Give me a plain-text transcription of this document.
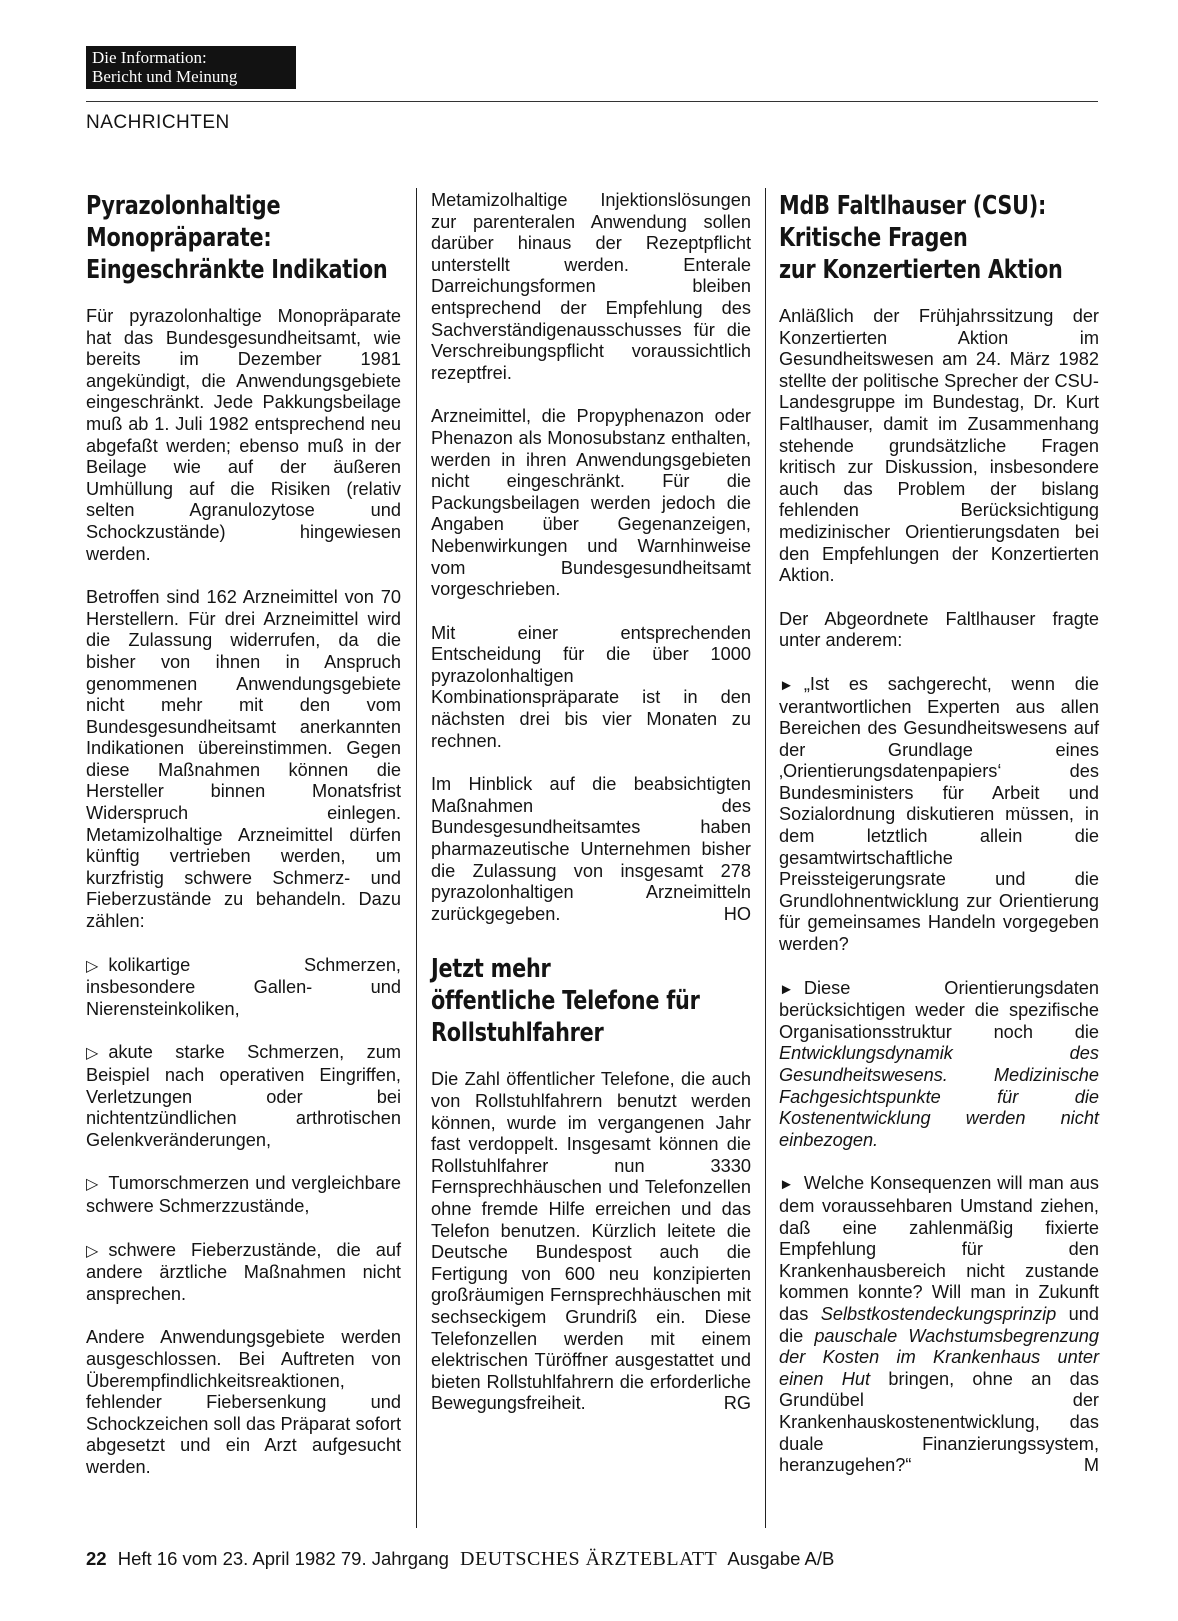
Die Information:
Bericht und Meinung
NACHRICHTEN
Pyrazolonhaltige
Monopräparate:
Eingeschränkte Indikation

Für pyrazolonhaltige Monopräparate hat das Bundesgesundheitsamt, wie bereits im Dezember 1981 angekündigt, die Anwendungsgebiete eingeschränkt. Jede Pakkungsbeilage muß ab 1. Juli 1982 entsprechend neu abgefaßt werden; ebenso muß in der Beilage wie auf der äußeren Umhüllung auf die Risiken (relativ selten Agranulozytose und Schockzustände) hingewiesen werden.

Betroffen sind 162 Arzneimittel von 70 Herstellern. Für drei Arzneimittel wird die Zulassung widerrufen, da die bisher von ihnen in Anspruch genommenen Anwendungsgebiete nicht mehr mit den vom Bundesgesundheitsamt anerkannten Indikationen übereinstimmen. Gegen diese Maßnahmen können die Hersteller binnen Monatsfrist Widerspruch einlegen. Metamizolhaltige Arzneimittel dürfen künftig vertrieben werden, um kurzfristig schwere Schmerz- und Fieberzustände zu behandeln. Dazu zählen:

▷ kolikartige Schmerzen, insbesondere Gallen- und Nierensteinkoliken,

▷ akute starke Schmerzen, zum Beispiel nach operativen Eingriffen, Verletzungen oder bei nichtentzündlichen arthrotischen Gelenkveränderungen,

▷ Tumorschmerzen und vergleichbare schwere Schmerzzustände,

▷ schwere Fieberzustände, die auf andere ärztliche Maßnahmen nicht ansprechen.

Andere Anwendungsgebiete werden ausgeschlossen. Bei Auftreten von Überempfindlichkeitsreaktionen, fehlender Fiebersenkung und Schockzeichen soll das Präparat sofort abgesetzt und ein Arzt aufgesucht werden.

Metamizolhaltige Injektionslösungen zur parenteralen Anwendung sollen darüber hinaus der Rezeptpflicht unterstellt werden. Enterale Darreichungsformen bleiben entsprechend der Empfehlung des Sachverständigenausschusses für die Verschreibungspflicht voraussichtlich rezeptfrei.

Arzneimittel, die Propyphenazon oder Phenazon als Monosubstanz enthalten, werden in ihren Anwendungsgebieten nicht eingeschränkt. Für die Packungsbeilagen werden jedoch die Angaben über Gegenanzeigen, Nebenwirkungen und Warnhinweise vom Bundesgesundheitsamt vorgeschrieben.

Mit einer entsprechenden Entscheidung für die über 1000 pyrazolonhaltigen Kombinationspräparate ist in den nächsten drei bis vier Monaten zu rechnen.

Im Hinblick auf die beabsichtigten Maßnahmen des Bundesgesundheitsamtes haben pharmazeutische Unternehmen bisher die Zulassung von insgesamt 278 pyrazolonhaltigen Arzneimitteln zurückgegeben.	HO

Jetzt mehr
öffentliche Telefone für
Rollstuhlfahrer

Die Zahl öffentlicher Telefone, die auch von Rollstuhlfahrern benutzt werden können, wurde im vergangenen Jahr fast verdoppelt. Insgesamt können die Rollstuhlfahrer nun 3330 Fernsprechhäuschen und Telefonzellen ohne fremde Hilfe erreichen und das Telefon benutzen. Kürzlich leitete die Deutsche Bundespost auch die Fertigung von 600 neu konzipierten großräumigen Fernsprechhäuschen mit sechseckigem Grundriß ein. Diese Telefonzellen werden mit einem elektrischen Türöffner ausgestattet und bieten Rollstuhlfahrern die erforderliche Bewegungsfreiheit.	RG

MdB Faltlhauser (CSU):
Kritische Fragen
zur Konzertierten Aktion

Anläßlich der Frühjahrssitzung der Konzertierten Aktion im Gesundheitswesen am 24. März 1982 stellte der politische Sprecher der CSU-Landesgruppe im Bundestag, Dr. Kurt Faltlhauser, damit im Zusammenhang stehende grundsätzliche Fragen kritisch zur Diskussion, insbesondere auch das Problem der bislang fehlenden Berücksichtigung medizinischer Orientierungsdaten bei den Empfehlungen der Konzertierten Aktion.

Der Abgeordnete Faltlhauser fragte unter anderem:

► „Ist es sachgerecht, wenn die verantwortlichen Experten aus allen Bereichen des Gesundheitswesens auf der Grundlage eines ‚Orientierungsdatenpapiers‘ des Bundesministers für Arbeit und Sozialordnung diskutieren müssen, in dem letztlich allein die gesamtwirtschaftliche Preissteigerungsrate und die Grundlohnentwicklung zur Orientierung für gemeinsames Handeln vorgegeben werden?

► Diese Orientierungsdaten berücksichtigen weder die spezifische Organisationsstruktur noch die Entwicklungsdynamik des Gesundheitswesens. Medizinische Fachgesichtspunkte für die Kostenentwicklung werden nicht einbezogen.

► Welche Konsequenzen will man aus dem voraussehbaren Umstand ziehen, daß eine zahlenmäßig fixierte Empfehlung für den Krankenhausbereich nicht zustande kommen konnte? Will man in Zukunft das Selbstkostendeckungsprinzip und die pauschale Wachstumsbegrenzung der Kosten im Krankenhaus unter einen Hut bringen, ohne an das Grundübel der Krankenhauskostenentwicklung, das duale Finanzierungssystem, heranzugehen?“	M

22 Heft 16 vom 23. April 1982 79. Jahrgang DEUTSCHES ÄRZTEBLATT Ausgabe A/B
